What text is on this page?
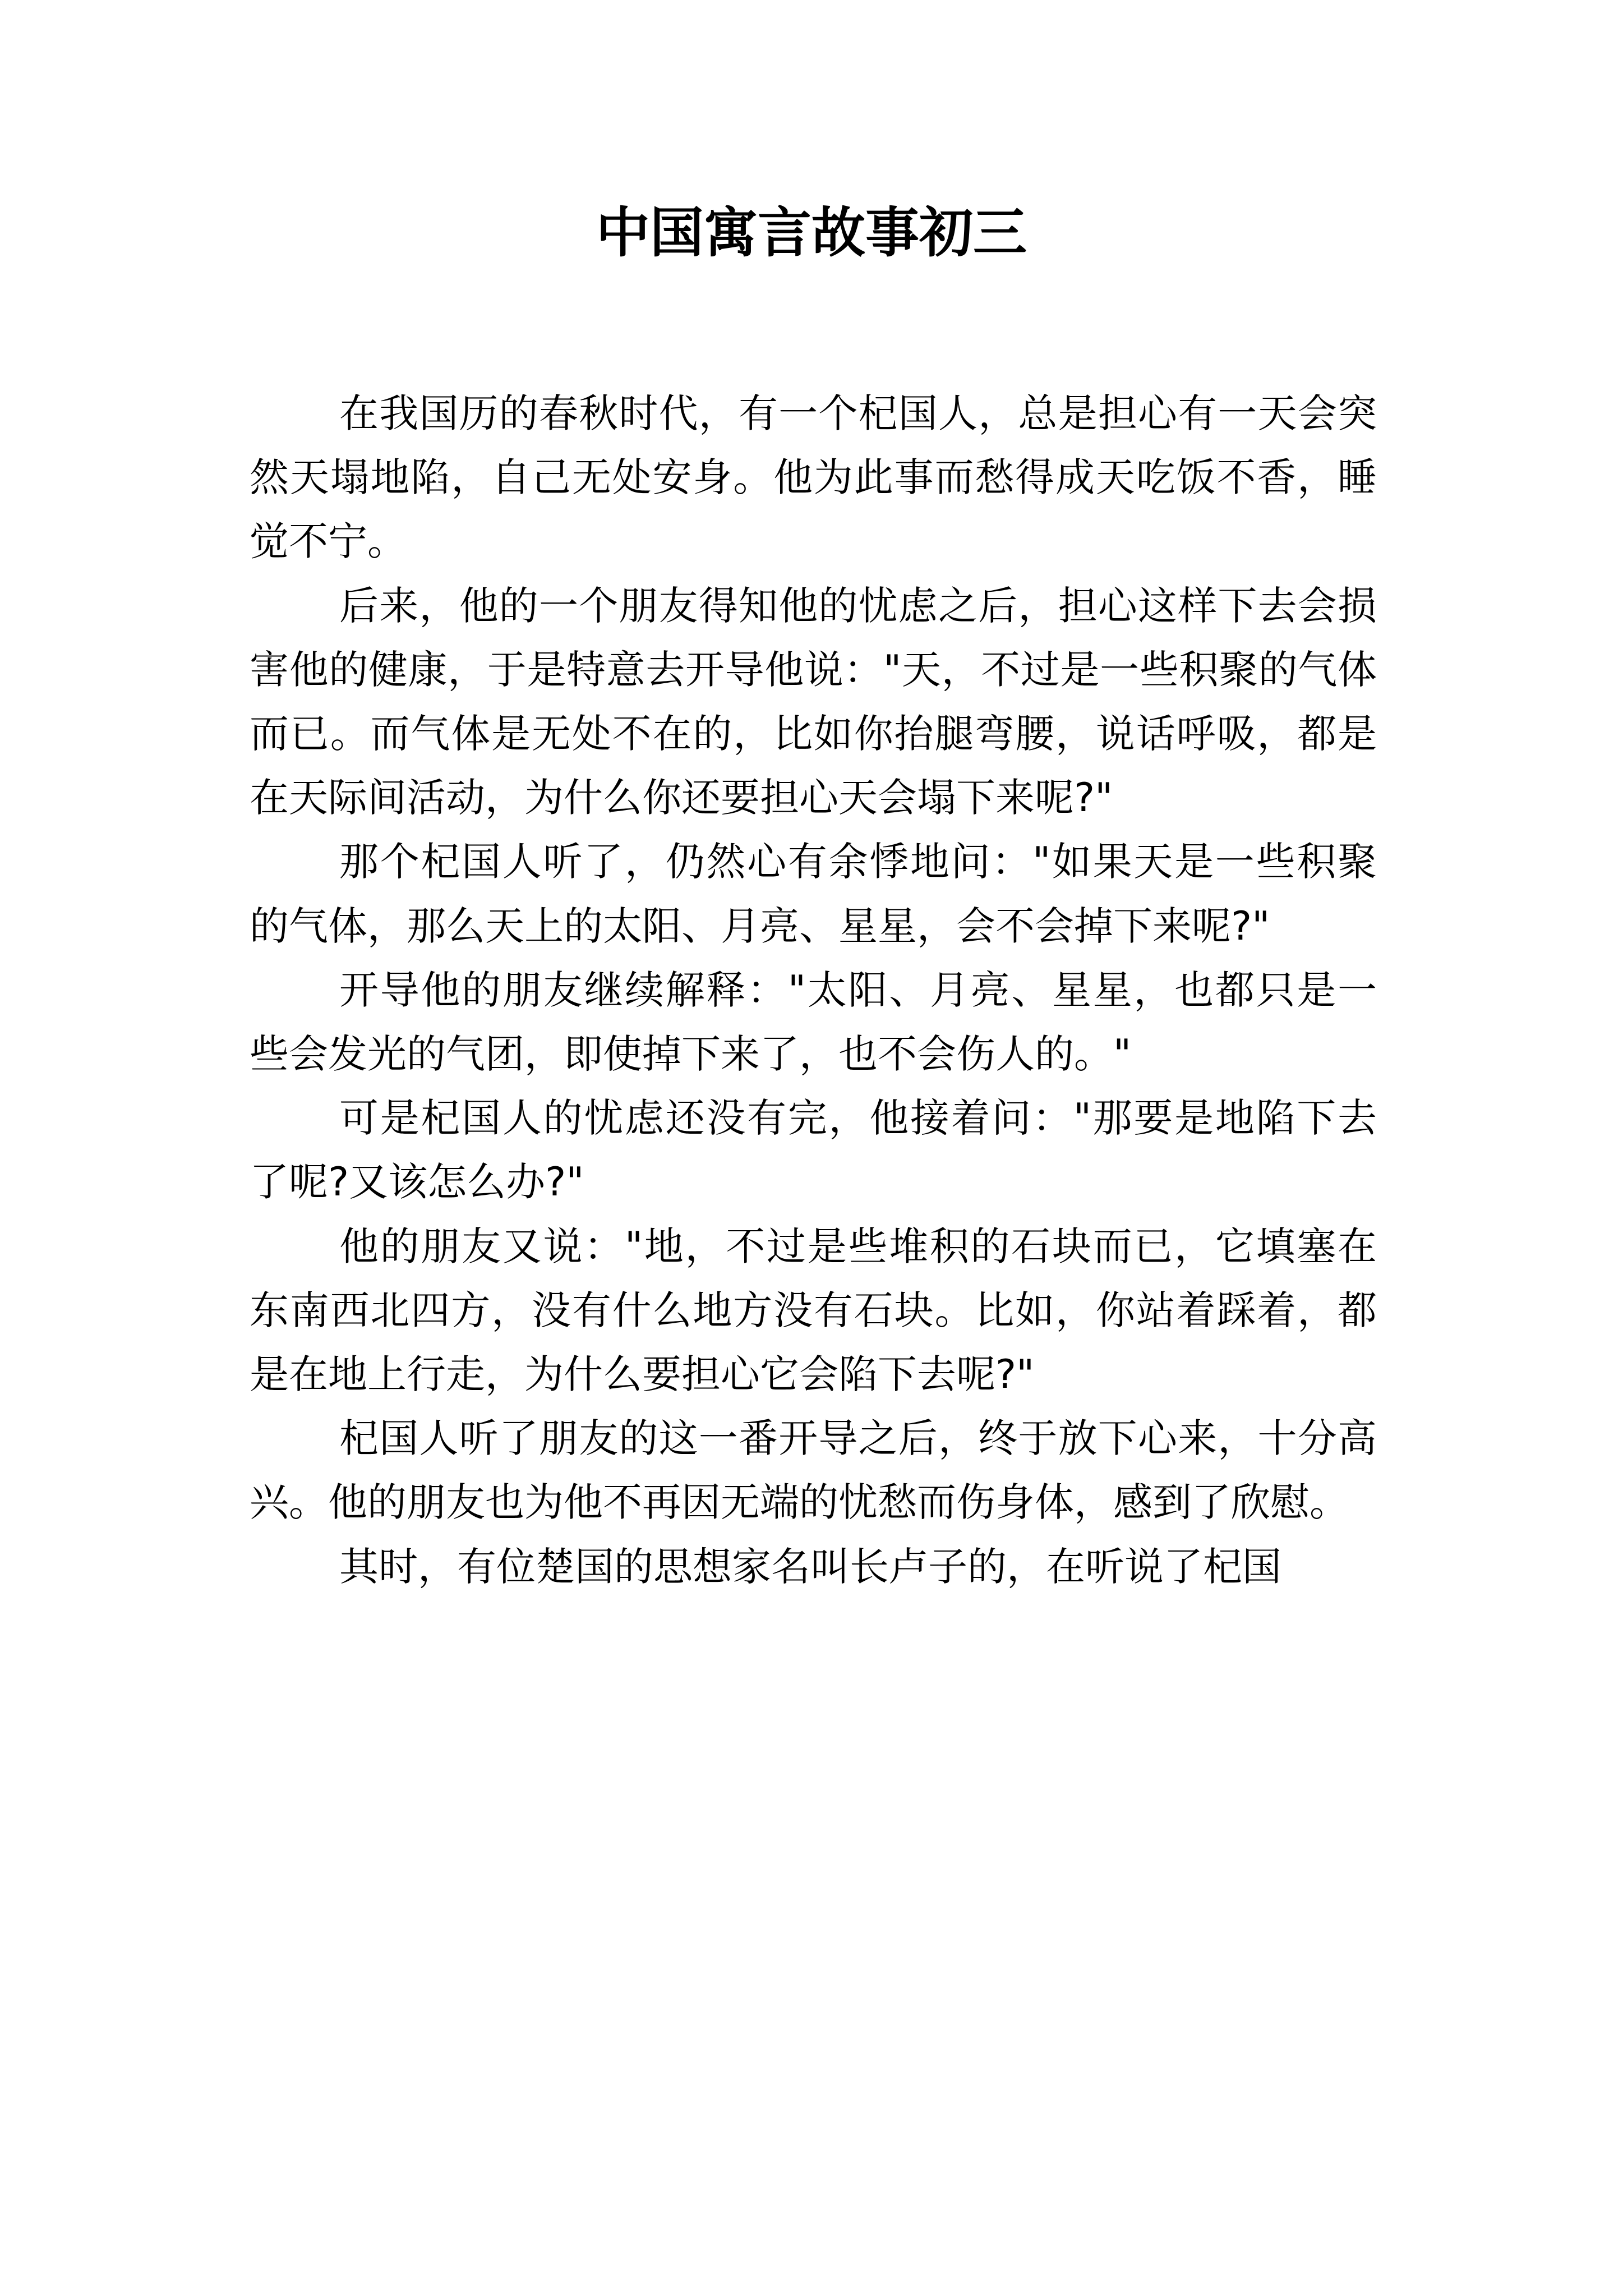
中国寓言故事初三

在我国历的春秋时代，有一个杞国人，总是担心有一天会突然天塌地陷，自己无处安身。他为此事而愁得成天吃饭不香，睡觉不宁。

后来，他的一个朋友得知他的忧虑之后，担心这样下去会损害他的健康，于是特意去开导他说："天，不过是一些积聚的气体而已。而气体是无处不在的，比如你抬腿弯腰，说话呼吸，都是在天际间活动，为什么你还要担心天会塌下来呢?"

那个杞国人听了，仍然心有余悸地问："如果天是一些积聚的气体，那么天上的太阳、月亮、星星，会不会掉下来呢?"

开导他的朋友继续解释："太阳、月亮、星星，也都只是一些会发光的气团，即使掉下来了，也不会伤人的。"

可是杞国人的忧虑还没有完，他接着问："那要是地陷下去了呢?又该怎么办?"

他的朋友又说："地，不过是些堆积的石块而已，它填塞在东南西北四方，没有什么地方没有石块。比如，你站着踩着，都是在地上行走，为什么要担心它会陷下去呢?"

杞国人听了朋友的这一番开导之后，终于放下心来，十分高兴。他的朋友也为他不再因无端的忧愁而伤身体，感到了欣慰。

其时，有位楚国的思想家名叫长卢子的，在听说了杞国
